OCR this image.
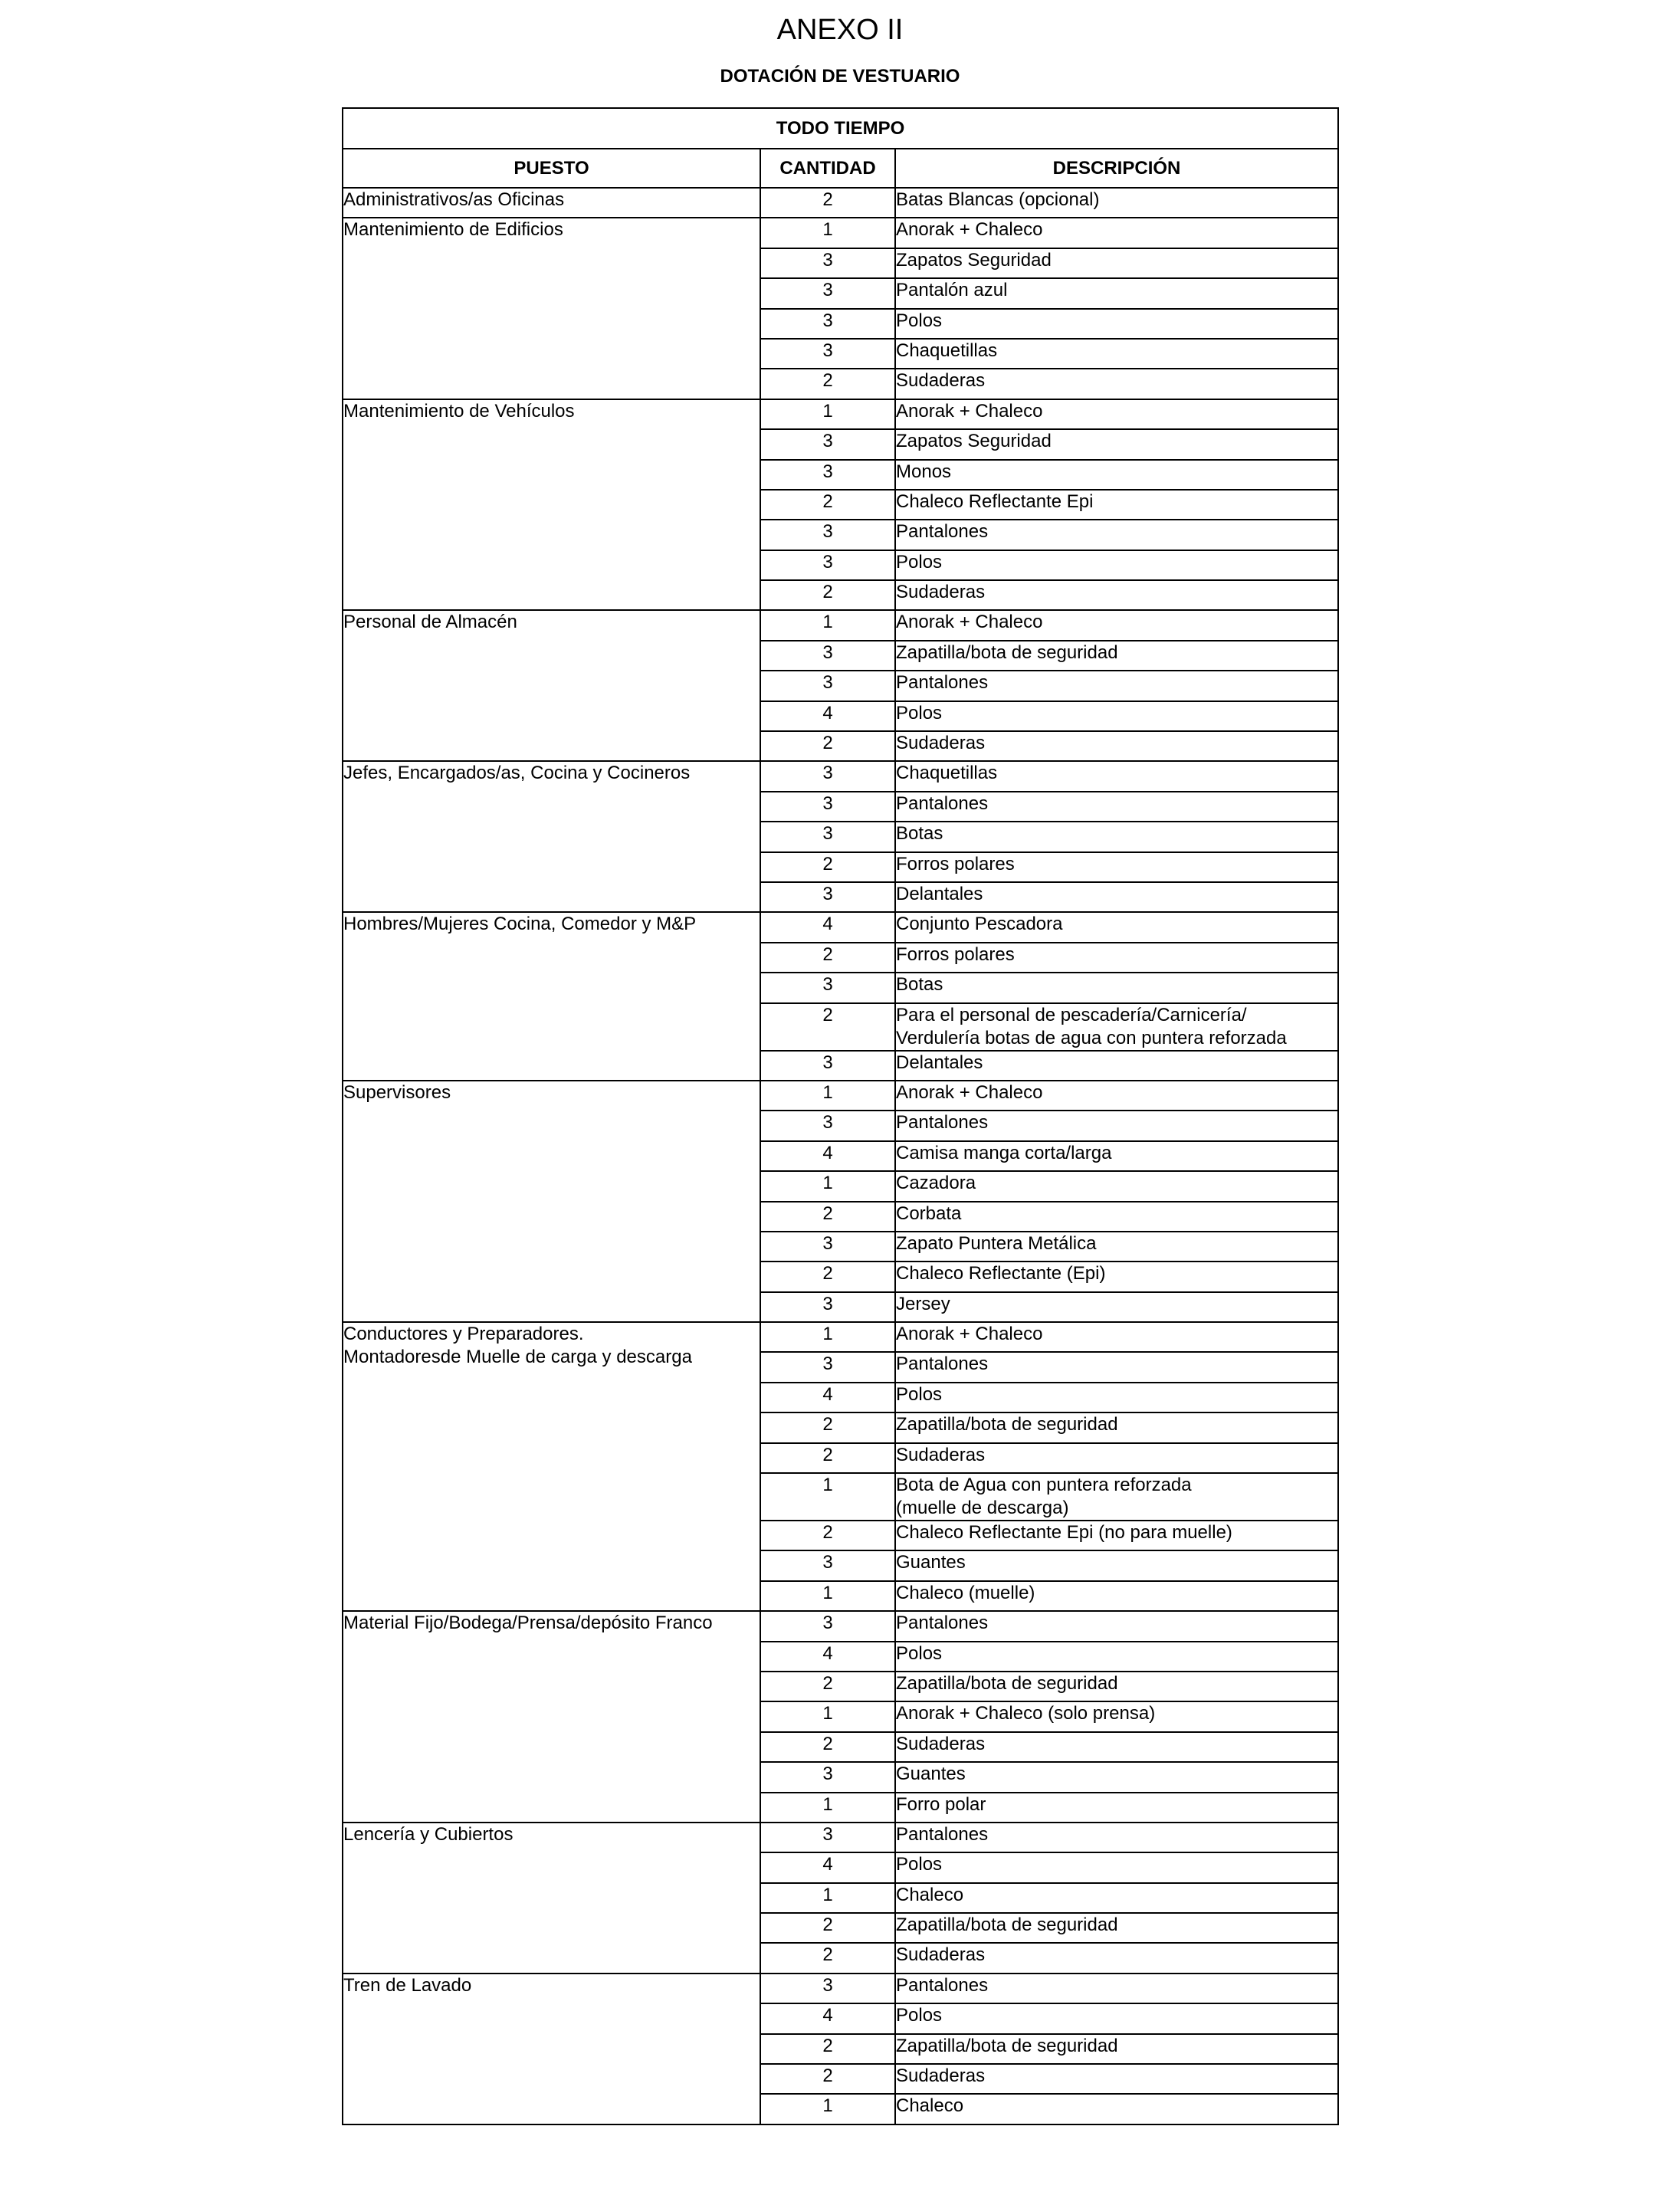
ANEXO II
DOTACIÓN DE VESTUARIO
TODO TIEMPO		
PUESTO	CANTIDAD	DESCRIPCIÓN

Administrativos/as Oficinas	2	Batas Blancas (opcional)

Mantenimiento de Edificios	1	Anorak + Chaleco

	3	Zapatos Seguridad

	3	Pantalón azul

	3	Polos

	3	Chaquetillas

	2	Sudaderas

Mantenimiento de Vehículos	1	Anorak + Chaleco

	3	Zapatos Seguridad

	3	Monos

	2	Chaleco Reflectante Epi

	3	Pantalones

	3	Polos

	2	Sudaderas

Personal de Almacén	1	Anorak + Chaleco

	3	Zapatilla/bota de seguridad

	3	Pantalones

	4	Polos

	2	Sudaderas

Jefes, Encargados/as, Cocina y Cocineros	3	Chaquetillas

	3	Pantalones

	3	Botas

	2	Forros polares

	3	Delantales

Hombres/Mujeres Cocina, Comedor y M&P	4	Conjunto Pescadora

	2	Forros polares

	3	Botas

	2	Para el personal de pescadería/Carnicería/
Verdulería botas de agua con puntera reforzada

	3	Delantales

Supervisores	1	Anorak + Chaleco

	3	Pantalones

	4	Camisa manga corta/larga

	1	Cazadora

	2	Corbata

	3	Zapato Puntera Metálica

	2	Chaleco Reflectante (Epi)

	3	Jersey

Conductores y Preparadores.
Montadoresde Muelle de carga y descarga	1	Anorak + Chaleco

	3	Pantalones

	4	Polos

	2	Zapatilla/bota de seguridad

	2	Sudaderas

	1	Bota de Agua con puntera reforzada
(muelle de descarga)

	2	Chaleco Reflectante Epi (no para muelle)

	3	Guantes

	1	Chaleco (muelle)

Material Fijo/Bodega/Prensa/depósito Franco	3	Pantalones

	4	Polos

	2	Zapatilla/bota de seguridad

	1	Anorak + Chaleco (solo prensa)

	2	Sudaderas

	3	Guantes

	1	Forro polar

Lencería y Cubiertos	3	Pantalones

	4	Polos

	1	Chaleco

	2	Zapatilla/bota de seguridad

	2	Sudaderas

Tren de Lavado	3	Pantalones

	4	Polos

	2	Zapatilla/bota de seguridad

	2	Sudaderas

	1	Chaleco
